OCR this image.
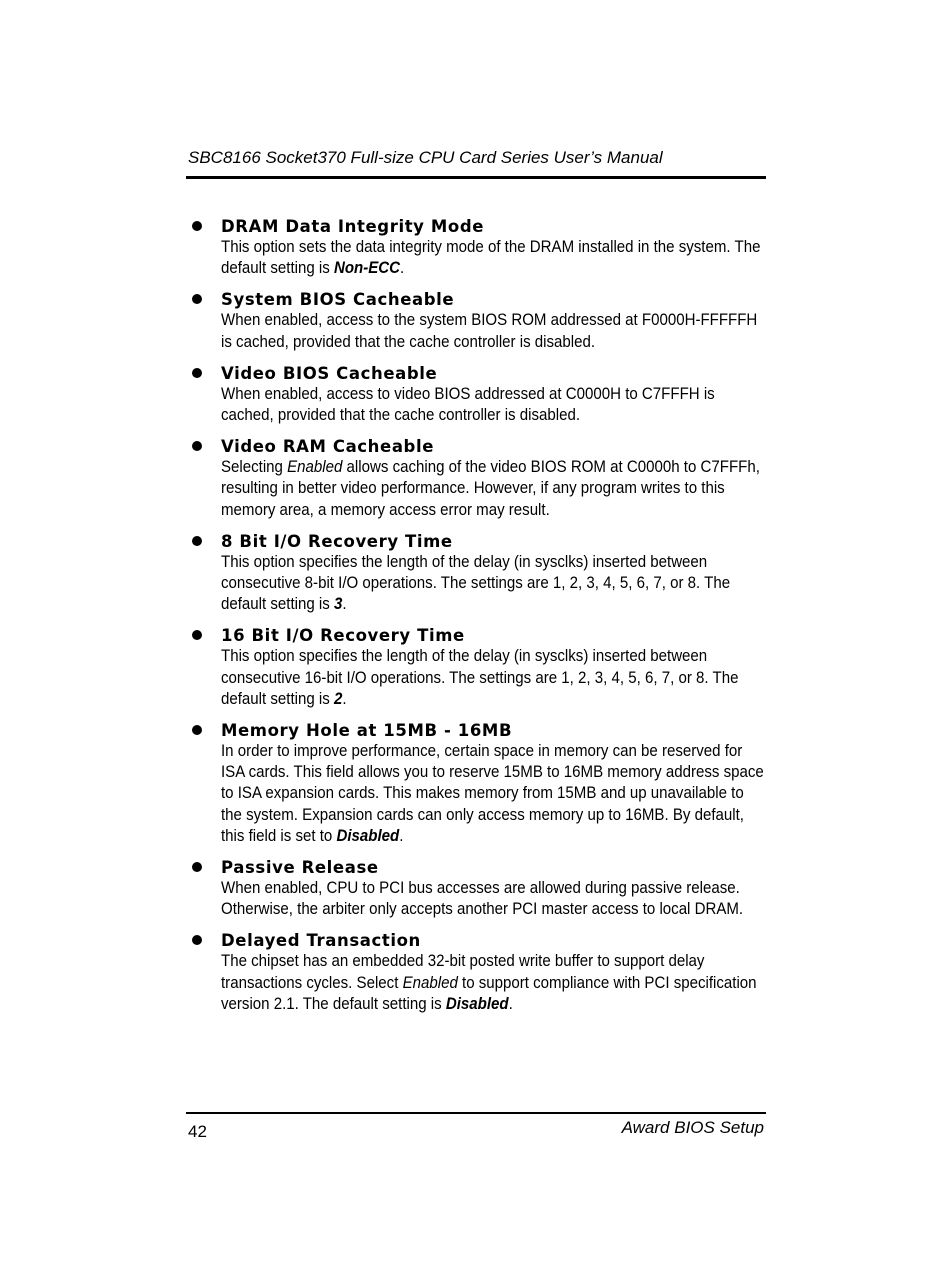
SBC8166 Socket370 Full-size CPU Card Series User’s Manual
DRAM Data Integrity Mode
This option sets the data integrity mode of the DRAM installed in the system. The default setting is Non-ECC.
System BIOS Cacheable
When enabled, access to the system BIOS ROM addressed at F0000H-FFFFFH is cached, provided that the cache controller is disabled.
Video BIOS Cacheable
When enabled, access to video BIOS addressed at C0000H to C7FFFH is cached, provided that the cache controller is disabled.
Video RAM Cacheable
Selecting Enabled allows caching of the video BIOS ROM at C0000h to C7FFFh, resulting in better video performance. However, if any program writes to this memory area, a memory access error may result.
8 Bit I/O Recovery Time
This option specifies the length of the delay (in sysclks) inserted between consecutive 8-bit I/O operations. The settings are 1, 2, 3, 4, 5, 6, 7, or 8. The default setting is 3.
16 Bit I/O Recovery Time
This option specifies the length of the delay (in sysclks) inserted between consecutive 16-bit I/O operations. The settings are 1, 2, 3, 4, 5, 6, 7, or 8. The default setting is 2.
Memory Hole at 15MB - 16MB
In order to improve performance, certain space in memory can be reserved for ISA cards. This field allows you to reserve 15MB to 16MB memory address space to ISA expansion cards. This makes memory from 15MB and up unavailable to the system. Expansion cards can only access memory up to 16MB. By default, this field is set to Disabled.
Passive Release
When enabled, CPU to PCI bus accesses are allowed during passive release. Otherwise, the arbiter only accepts another PCI master access to local DRAM.
Delayed Transaction
The chipset has an embedded 32-bit posted write buffer to support delay transactions cycles. Select Enabled to support compliance with PCI specification version 2.1. The default setting is Disabled.
42	Award BIOS Setup
